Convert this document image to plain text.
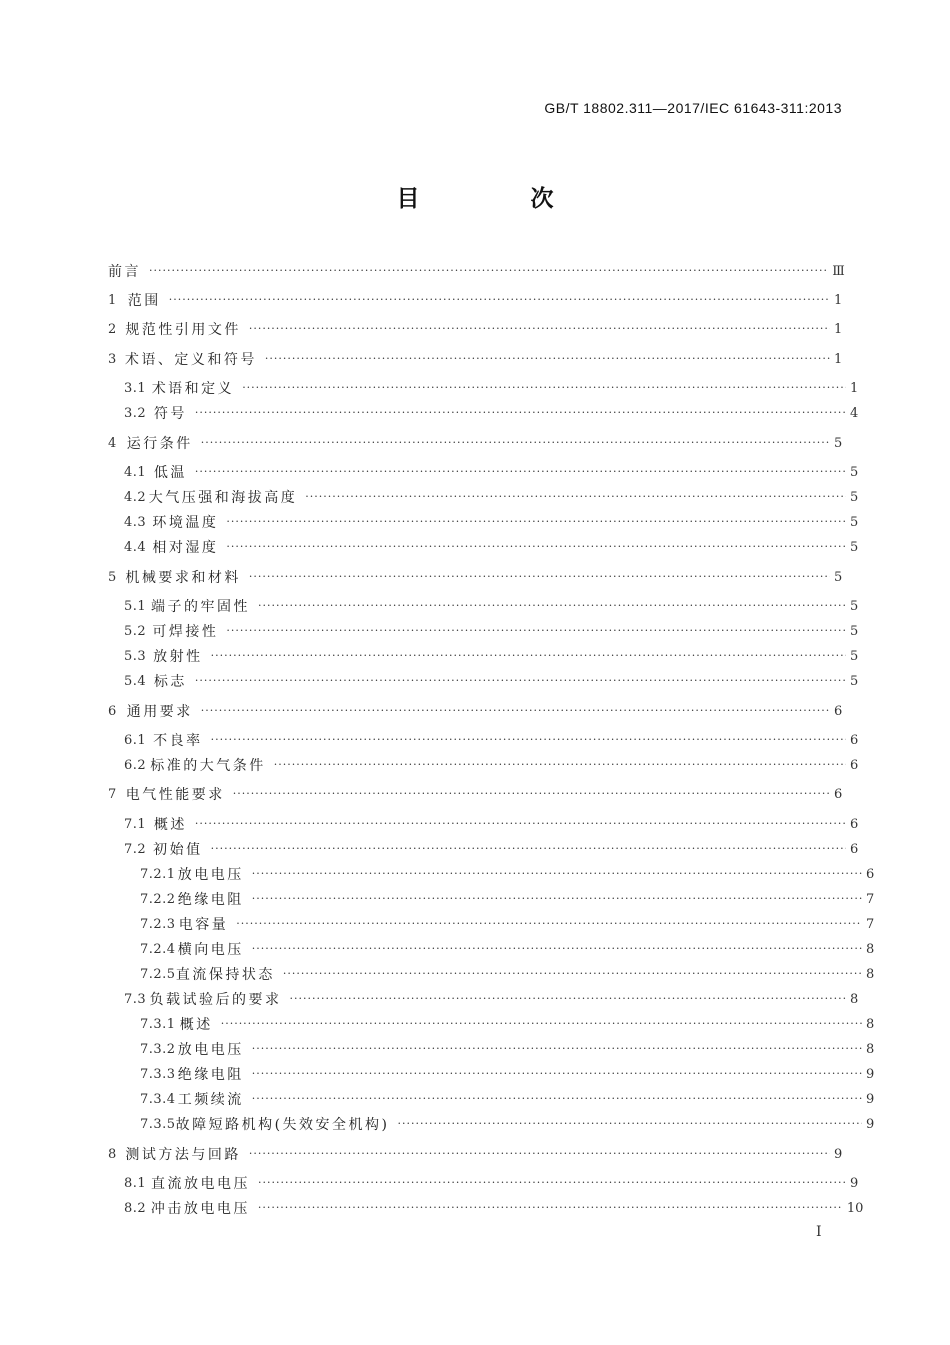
GB/T 18802.311—2017/IEC 61643-311:2013
目　次
前言 ·····	Ⅲ
1 范围 ·····	1
2 规范性引用文件 ·····	1
3 术语、定义和符号 ·····	1
3.1 术语和定义 ·····	1
3.2 符号 ·····	4
4 运行条件 ·····	5
4.1 低温 ·····	5
4.2 大气压强和海拔高度 ·····	5
4.3 环境温度 ·····	5
4.4 相对湿度 ·····	5
5 机械要求和材料 ·····	5
5.1 端子的牢固性 ·····	5
5.2 可焊接性 ·····	5
5.3 放射性 ·····	5
5.4 标志 ·····	5
6 通用要求 ·····	6
6.1 不良率 ·····	6
6.2 标准的大气条件 ·····	6
7 电气性能要求 ·····	6
7.1 概述 ·····	6
7.2 初始值 ·····	6
7.2.1 放电电压 ·····	6
7.2.2 绝缘电阻 ·····	7
7.2.3 电容量 ·····	7
7.2.4 横向电压 ·····	8
7.2.5 直流保持状态 ·····	8
7.3 负载试验后的要求 ·····	8
7.3.1 概述 ·····	8
7.3.2 放电电压 ·····	8
7.3.3 绝缘电阻 ·····	9
7.3.4 工频续流 ·····	9
7.3.5 故障短路机构(失效安全机构) ·····	9
8 测试方法与回路 ·····	9
8.1 直流放电电压 ·····	9
8.2 冲击放电电压 ·····	10
I
